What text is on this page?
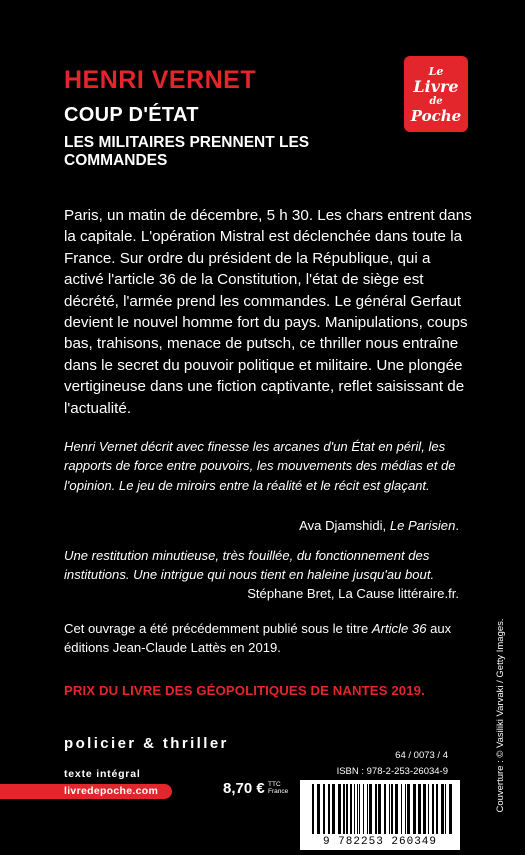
HENRI VERNET
COUP D'ÉTAT
LES MILITAIRES PRENNENT LES COMMANDES
Le
Livre
de
Poche
Paris, un matin de décembre, 5 h 30. Les chars entrent dans la capitale. L'opération Mistral est déclenchée dans toute la France. Sur ordre du président de la République, qui a activé l'article 36 de la Constitution, l'état de siège est décrété, l'armée prend les commandes. Le général Gerfaut devient le nouvel homme fort du pays. Manipulations, coups bas, trahisons, menace de putsch, ce thriller nous entraîne dans le secret du pouvoir politique et militaire. Une plongée vertigineuse dans une fiction captivante, reflet saisissant de l'actualité.
Henri Vernet décrit avec finesse les arcanes d'un État en péril, les rapports de force entre pouvoirs, les mouvements des médias et de l'opinion. Le jeu de miroirs entre la réalité et le récit est glaçant.
Ava Djamshidi, Le Parisien.
Une restitution minutieuse, très fouillée, du fonctionnement des institutions. Une intrigue qui nous tient en haleine jusqu'au bout.
Stéphane Bret, La Cause littéraire.fr.
Cet ouvrage a été précédemment publié sous le titre Article 36 aux éditions Jean-Claude Lattès en 2019.
PRIX DU LIVRE DES GÉOPOLITIQUES DE NANTES 2019.
policier & thriller
texte intégral
livredepoche.com	8,70 € TTC
France
64 / 0073 / 4
ISBN : 978-2-253-26034-9
9 782253 260349
Couverture : © Vasiliki Varvaki / Getty Images.
